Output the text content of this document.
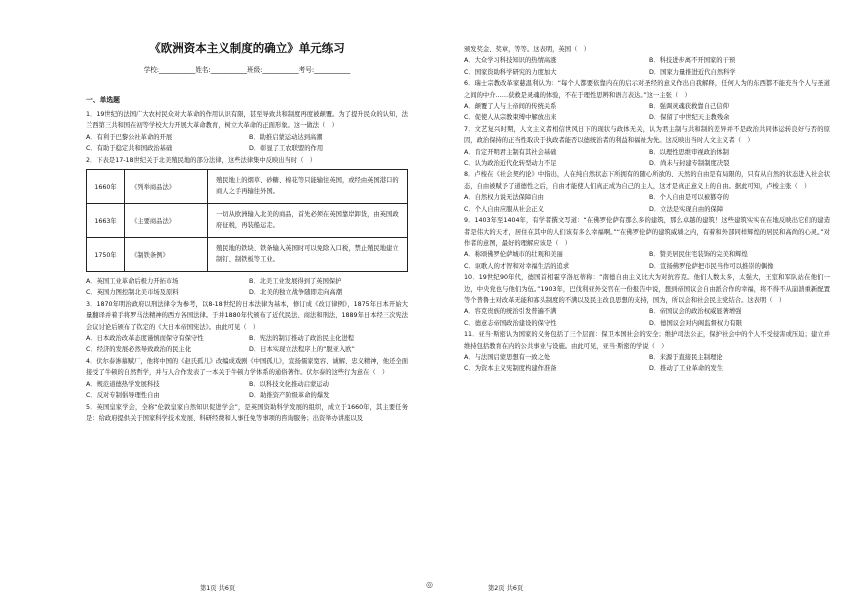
《欧洲资本主义制度的确立》单元练习
学校:___________姓名:___________班级:___________考号:___________
一、单选题
1．19世纪的法国广大农村民众对大革命的作用认识有限，甚至导致共和制度再度被颠覆。为了提升民众的认知，法兰西第三共和国在初等学校大力开展大革命教育，树立大革命的正面形象。这一做法（　）
A．有利于巴黎公社革命的开展	B．助推启蒙运动达到高潮
C．有助于稳定共和国政治基础	D．彰显了工农联盟的作用
2．下表是17-18世纪关于北美殖民地的部分法律，这些法律集中反映出当时（　）
1660年	《列举商品法》	殖民地上的烟草、砂糖、棉花等只能输往英国，或经由英国港口的商人之手再输往外国。
1663年	《主要商品法》	一切从欧洲输入北美的商品，首先必须在英国靠岸卸货，由英国政府征税，再装船运走。
1750年	《制铁条例》	殖民地的铁块、铁条输入英国时可以免除入口税，禁止殖民地建立制钉、制铁板等工业。
A．英国工业革命后极力开拓市场	B．北美工业发展得到了英国保护
C．英国力图控制北美市场及原料	D．北美的独立战争随即走向高潮
3．1870年明治政府以刑法律令为参考，以8-18世纪的日本法律为基本，修订成《改订律例》，1875年日本开始大量翻译并着手将罗马法精神的西方各国法律。于并1880年代颁布了近代民法、商法和刑法，1889年日本经三次宪法会议讨论后颁布了钦定的《大日本帝国宪法》。由此可见（　）
A．日本政治改革态度谨慎而保守有保守性	B．宪法的制订推动了政治民主化进程
C．经济的发展必然导致政治的民主化	D．日本实现立法程序上的“脱亚入欧”
4．伏尔泰渗慕赋厂，他将中国的《赵氏孤儿》改编成戏剧《中国孤儿》，宣扬儒家宽容、诚解、忠义精神，他还全面接受了牛顿的自然哲学，并与人合作发表了一本关于牛顿力学体系的通俗著作。伏尔泰的这些行为意在（　）
A．规范道德热学发展科技	B．以科技文化推动启蒙运动
C．反对专制倡导理性自由	D．助推资产阶级革命的爆发
5．英国皇家学会，全称“伦敦皇家自然知识促进学会”，是英国资助科学发展的组织，成立于1660年，其主要任务是：给政府提供关于国家科学技术发展、科研经费和人事任免等事项的咨询服务；出资举办讲座以及
颁发奖金、奖章，等等。这表明，英国（　）
A．大众学习科技知识的热情高涨	B．科技进步离不开国家的干预
C．国家资助科学研究的力度加大	D．国家力量推进近代自然科学
6．瑞士宗教改革家慈温利认为：“每个人都要依靠内在的启示对圣经的意义作出自我解释，任何人为的东西都不能充当个人与圣道之间的中介……获救是灵魂的体验，不在于理性思辨和语言表达。”这一主张（　）
A．颠覆了人与上帝间的传统关系	B．强调灵魂获救靠自己信仰
C．促使人从宗教束缚中解放出来	D．保留了中世纪天主教残余
7．文艺复兴时期，人文主义者相信世风日下的现状与政体无关，认为君主制与共和制的差异并不是政治共同体运转良好与否的原因，政治保持的正当性取决于执政者能否以德统治者的利益和福祉为先。这反映出当时人文主义者（　）
A．肯定开明君主制有其社会基础	B．以理性思维审视政治体制
C．认为政治近代化转型动力不足	D．尚未与封建专制制度决裂
8．卢梭在《社会契约论》中指出，人在纯自然状态下所拥有的随心所欲的、天然的自由是有局限的，只有从自然的状态进入社会状态，自由被赋予了道德性之后，自由才能使人们真正成为自己的主人，这才是真正意义上的自由。据此可知，卢梭主张（　）
A．自然权力说无法保障自由	B．个人自由是可以被篡夺的
C．个人自由应服从社会正义	D．立法是实现自由的保障
9．1403年至1404年，有学者撰文写道：“在佛罗伦萨有那么多的建筑，那么卓越的建筑！这些建筑实实在在地反映出它们的建造者是伟大的天才，居住在其中的人们该有多么幸福啊。”“在佛罗伦萨的建筑威墙之内，有着和外部同样辉煌的居民和高尚的心灵。”对作者的意图，最好的理解应该是（　）
A．称颂佛罗伦萨城市的壮观和美丽	B．赞美居民住宅装饰的完美和辉煌
C．讴歌人的才智和对幸福生活的追求	D．宣扬佛罗伦萨把市民当作可以推崇的偶像
10．19世纪90年代，德国首相霍亨洛厄蒂称：“南德自由主义比大为对抗容克。他们人数太多，太强大，王室和军队站在他们一边，中央党也与他们为伍。”1903年，巴伐利亚外交官在一份报告中说，想到帝国议会自由派合作的幸福，将不得不从崩溃重新配置等个普鲁士对改革无能和寡头制度的不满以及民主改良思想的支持，国为，所以会和社会民主党结合。这表明（　）
A．容克贵族的统治引发普遍不满	B．帝国议会的政治权威显著增强
C．德意志帝国政治建设的保守性	D．德国议会对内阁监督权力有限
11．亚当·斯密认为国家的义务包括了三个层面：保卫本国社会的安全；维护司法公正，保护社会中的个人不受侵害或压迫；建立并维持包括教育在内的公共事业与设施。由此可见，亚当·斯密的学说（　）
A．与法国启蒙思想有一致之处	B．来源于直接民主制理论
C．为资本主义宪制度构建作准备	D．推动了工业革命的发生
第1页 共6页	◎	第2页 共6页
